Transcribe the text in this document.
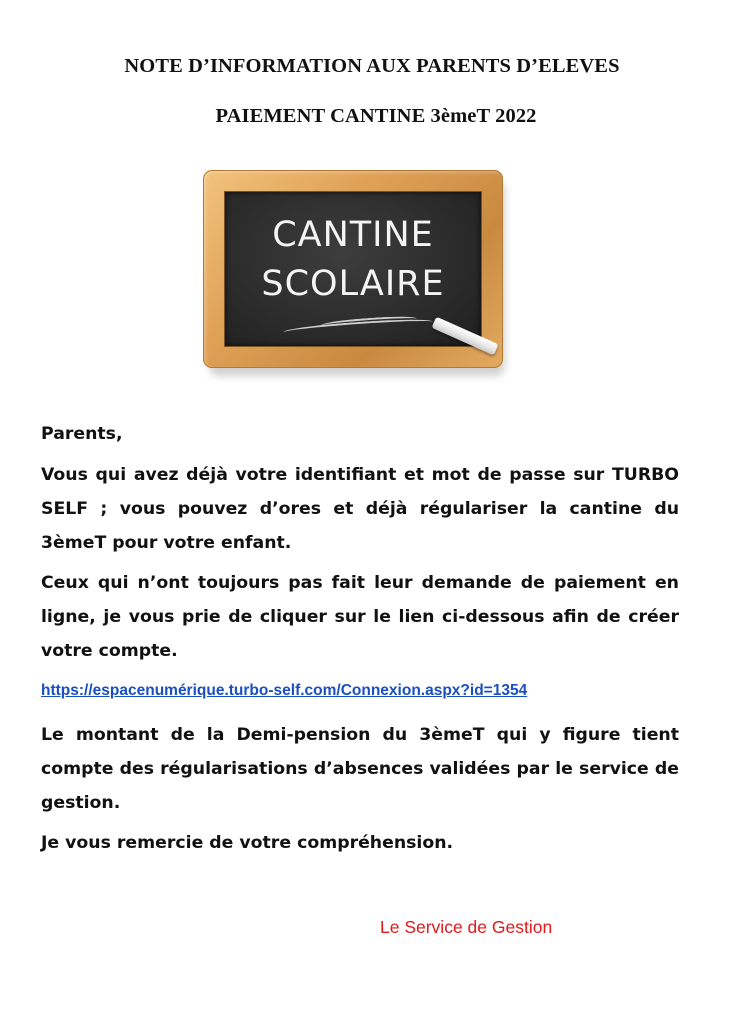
NOTE D’INFORMATION AUX PARENTS D’ELEVES
PAIEMENT CANTINE 3èmeT 2022
CANTINE
SCOLAIRE

Parents,

Vous qui avez déjà votre identifiant et mot de passe sur TURBO SELF ; vous pouvez d’ores et déjà régulariser la cantine du 3èmeT pour votre enfant.

Ceux qui n’ont toujours pas fait leur demande de paiement en ligne, je vous prie de cliquer sur le lien ci-dessous afin de créer votre compte.

https://espacenumérique.turbo-self.com/Connexion.aspx?id=1354

Le montant de la Demi-pension du 3èmeT qui y figure tient compte des régularisations d’absences validées par le service de gestion.

Je vous remercie de votre compréhension.

Le Service de Gestion
